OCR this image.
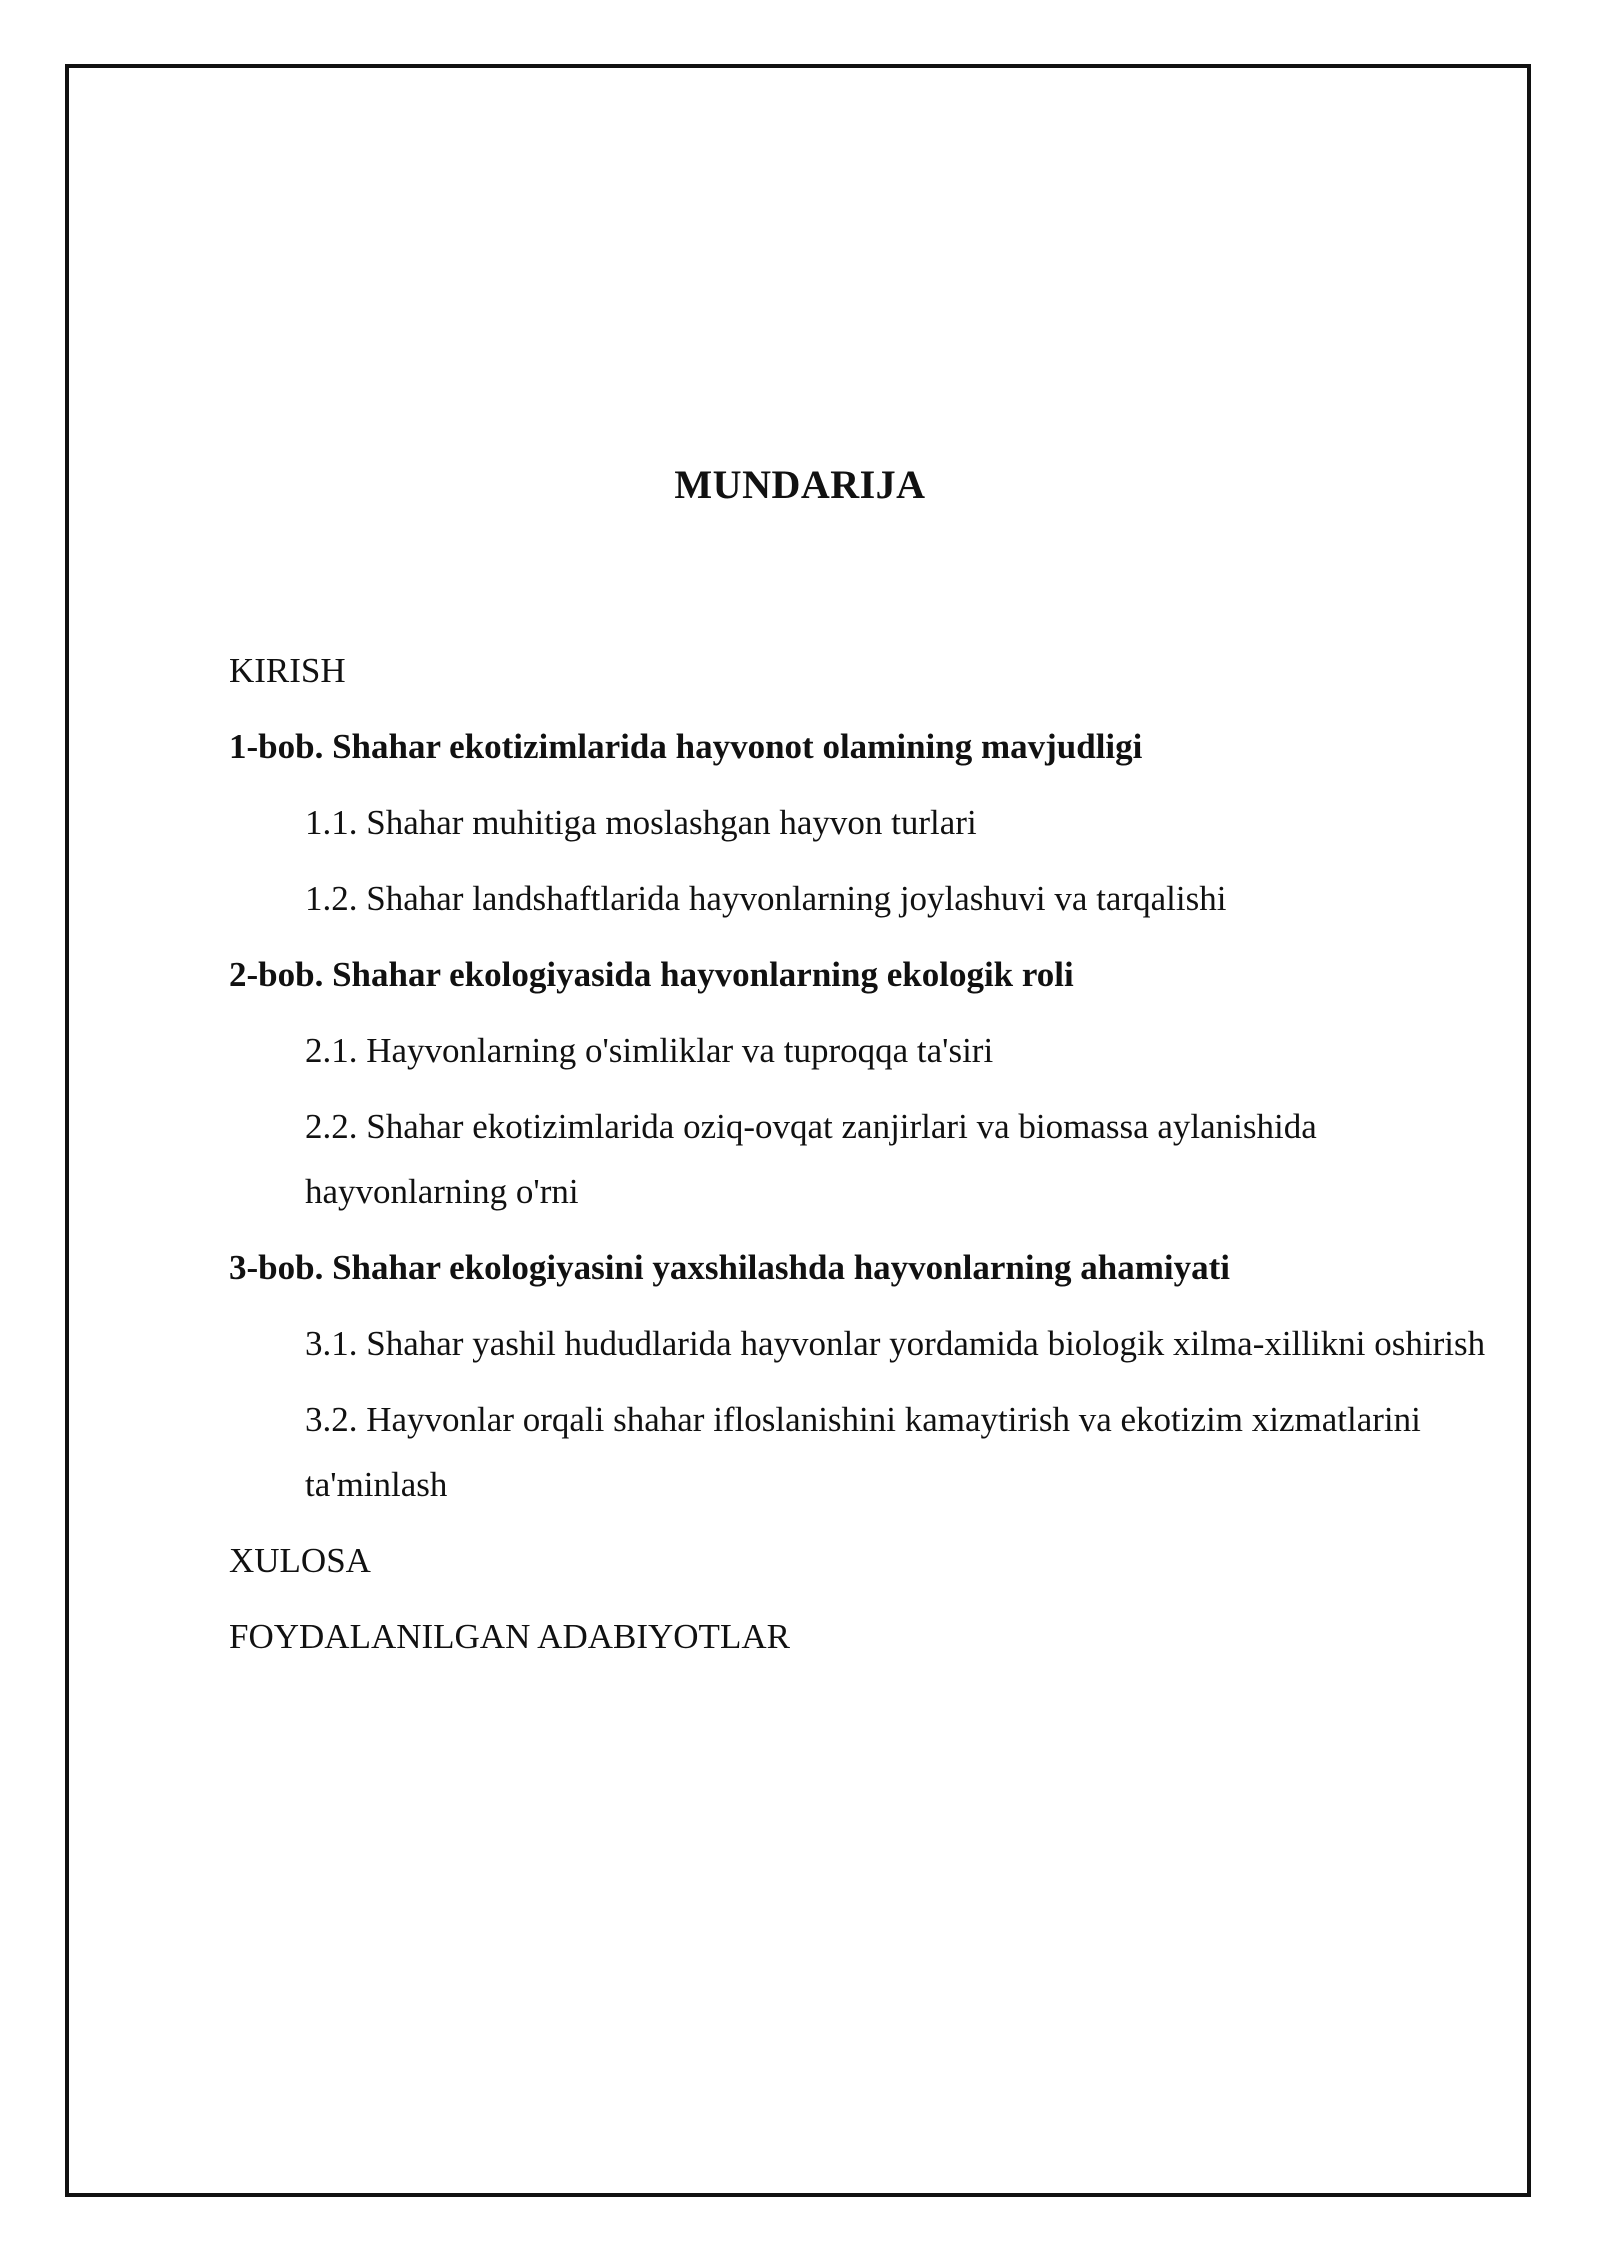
MUNDARIJA
KIRISH
1-bob. Shahar ekotizimlarida hayvonot olamining mavjudligi
1.1. Shahar muhitiga moslashgan hayvon turlari
1.2. Shahar landshaftlarida hayvonlarning joylashuvi va tarqalishi
2-bob. Shahar ekologiyasida hayvonlarning ekologik roli
2.1. Hayvonlarning o'simliklar va tuproqqa ta'siri
2.2. Shahar ekotizimlarida oziq-ovqat zanjirlari va biomassa aylanishida hayvonlarning o'rni
3-bob. Shahar ekologiyasini yaxshilashda hayvonlarning ahamiyati
3.1. Shahar yashil hududlarida hayvonlar yordamida biologik xilma-xillikni oshirish
3.2. Hayvonlar orqali shahar ifloslanishini kamaytirish va ekotizim xizmatlarini ta'minlash
XULOSA
FOYDALANILGAN ADABIYOTLAR
